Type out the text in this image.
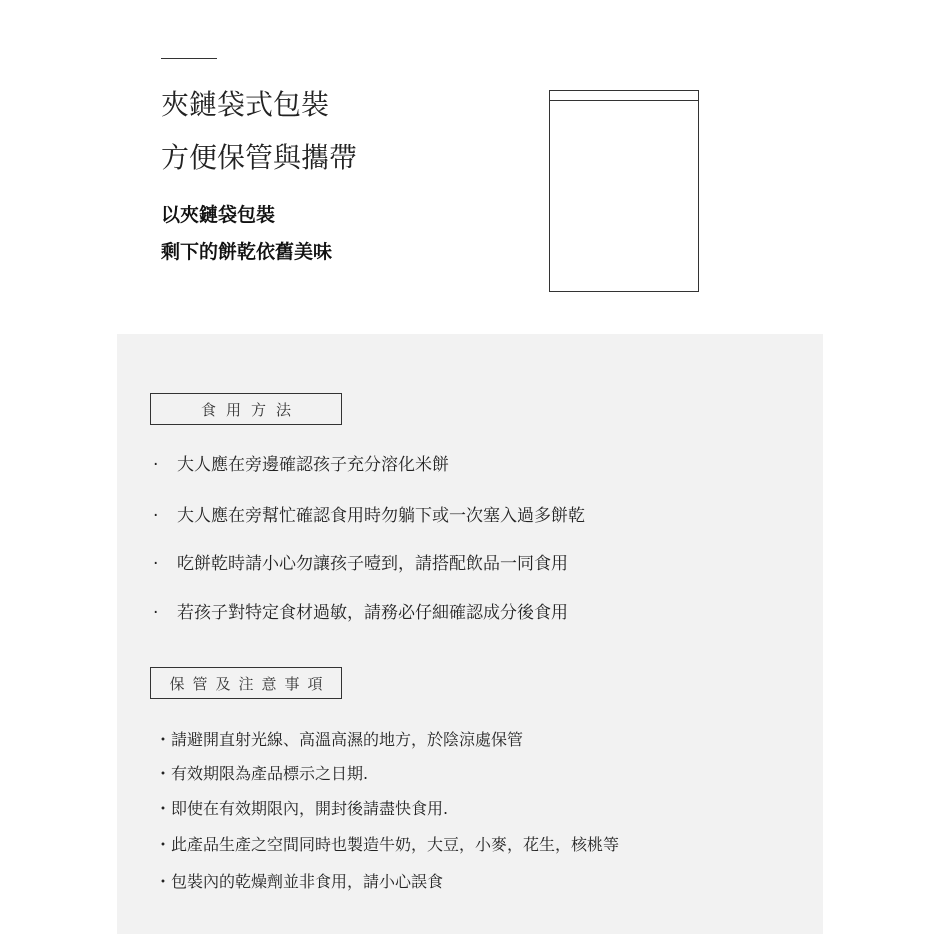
夾鏈袋式包裝
方便保管與攜帶
以夾鏈袋包裝
剩下的餅乾依舊美味
食用方法
· 大人應在旁邊確認孩子充分溶化米餅
· 大人應在旁幫忙確認食用時勿躺下或一次塞入過多餅乾
· 吃餅乾時請小心勿讓孩子噎到，請搭配飲品一同食用
· 若孩子對特定食材過敏，請務必仔細確認成分後食用
保管及注意事項
・請避開直射光線、高溫高濕的地方，於陰涼處保管
・有效期限為產品標示之日期.
・即使在有效期限內，開封後請盡快食用.
・此產品生產之空間同時也製造牛奶，大豆，小麥，花生，核桃等
・包裝內的乾燥劑並非食用，請小心誤食
